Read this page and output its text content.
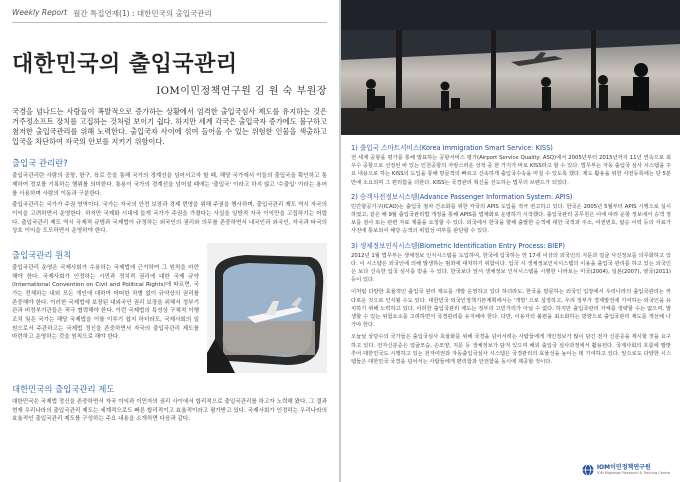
Weekly Report 월간 특집연재(1) : 대한민국의 출입국관리
대한민국의 출입국관리
IOM이민정책연구원 김 원 숙 부원장
국경을 넘나드는 사람들이 폭발적으로 증가하는 상황에서 엄격한 출입국심사 제도를 유지하는 것은 거주정소프트 장치를 고집하는 것처럼 보이기 쉽다. 하지만 세계 각국은 출입국자 증가에도 불구하고 첨저한 출입국관리를 위해 노력한다. 출입국자 사이에 섞여 들어올 수 있는 위험한 인물을 색출하고 입국을 차단하여 자국의 안보를 지키기 위함이다.
출입국 관리란?
출입국관리란 사람의 공항, 항구, 육로 등을 통해 국가의 경계선을 넘어서고자 할 때, 해당 국가에서 이들의 출입국을 확인하고 통제하여 정보를 기록하는 행위를 의미한다. 통용이 국가의 경계선을 넘어설 때에는 '출입국' 이라고 하지 않고 '수출입' 이라는 용어를 사용하며 사람의 이동과 구분한다.
출입국관리는 국가가 주권 영역이다. 국가는 자국의 안전 보장과 경제 번영을 위해 주권을 행사하며, 출입국관리 제도 역시 자국의 이익을 고려하면서 운영한다. 하지만 국제화 시대에 들게 국가가 주권을 가졌다는 사실을 일방적 자국 이익만을 고집하기는 어렵다. 출입국관리 제도 역시 국제적 규범과 국제법이 규정하는 외국인의 권리와 의무를 존중하면서 내국인과 외국인, 자국과 타국의 상호 이익을 도모하면서 운영하야 한다.
출입국관리 원칙
출입국관리 운영은 국제사회가 수용하는 국제법에 근거하여 그 원칙을 마련해야 한다. 국제사회가 인정하는 시민과 정치적 권리에 대한 국제 규약(International Convention on Civil and Political Rights)에 따르면, 국가는 전체하는 내외 모든 개인에 대하여 어떠한 차별 없이 규약상의 권리를 존중해야 한다. 이러한 국제법에 보장된 내외국인 권리 보장을 위해서 정부기관과 비정부기관들은 적극 협력해야 한다. 이런 국제법의 특성상 구체적 이행조치 및은 국가는 해당 국제법을 이를 이루기 쉽지 하더라도, 국제사회의 일원으로서 주관하고는 국제법 정신을 존중하면서 자국의 출입국관리 제도를 마련하고 운영하는 것을 원칙으로 해야 한다.
대한민국의 출입국관리 제도
대한민국은 국제법 정신을 존중하면서 자국 이익과 이민자의 권리 사이에서 합리적으로 출입국관리를 하고자 노력해 왔다. 그 결과 현재 우리나라의 출입국관리 제도는 세계적으로도 빠른 합리적이고 효율적이라고 평가받고 있다. 국제사회가 인정하는 우리나라의 효율적인 출입국관리 제도를 구성하는 주요 내용을 소개하면 다음과 같다.
1) 출입국 스마트서비스(Korea Immigration Smart Service: KISS)
전 세계 공항을 평가를 통해 발표하는 공항서비스 평가(Airport Service Quality: ASQ)에서 2005년부터 2015년까지 11년 연속으로 최우수 공항으로 선정된 바 있는 인천공항의 자랑스러운 성적 중 한 가지가 바로 KISS라고 할 수 있다. 법무부는 자동 출입국 심사 시스템을 주요 내용으로 하는 KISS의 도입을 통해 방문객의 빠르고 신속하게 출입국수속을 마칠 수 있도록 했다. 제도 활용을 위한 사전등록에는 단 5분만에 소요되며 그 편리함을 더한다. KISS는 국경관리 혁신을 선도하는 법무의 브랜드가 되었다.
2) 승객사전정보시스템(Advance Passenger Information System: APIS)
민간항공기구(ICAO)는 출입국 절차 간소화를 위한 각국의 APIS 도입을 적극 권고하고 있다. 한국은 2005년 5월부터 APIS 시행으로 실시하였고, 같은 해 9월 출입국관리법 개정을 통해 APIS를 법제화로 운영하기 시작했다. 출입국관리 공무원은 이에 따라 운항 정보에서 승객 정보를 검사 또는 관련 자료 제출을 요청할 수 있다. 외국에서 한국을 향해 출발한 승객에 대한 국적과 주소, 여권번호, 탑승 이력 등의 자료가 사전에 통보되어 해당 승객의 위험성 여부를 판단할 수 있다.
3) 생체정보인식시스템(Biometric Identification Entry Process: BIEP)
2012년 1월 법무부는 생체정보 인식시스템을 도입하여, 한국에 입국하는 만 17세 이상의 외국인의 지문과 얼굴 사진정보를 의무화하고 있다. 이 시스템은 외국인에 의해 발생하는 범죄에 대처하기 위함이다. 입국 시 생체정보인식시스템의 이용을 출입국 관리를 하고 있는 외국인은 보다 신속한 입국 심사를 받을 수 있다. 한국보다 앞서 생체정보 인식시스템을 시행한 나라로는 미국(2004), 일본(2007), 영국(2011) 등이 있다.
이처럼 다양한 효율적인 출입국 관리 제도를 개발 운영하고 있다 하더라도, 한국을 방문하는 외국인 입장에서 우리나라의 출입국관리는 까다로운 것으로 인식될 수도 있다. 대한민국 외국인정책기본계획에서는 '개방' 으로 설정하고, 우리 정부가 경제발전에 기여하는 외국인을 유치하기 위해 노력하고 있다. 이러한 출입국관리 제도는 정부의 고민거리가 아닐 수 없다. 하지만 출입국관리 자체를 생략할 수는 없으며, 발생할 수 있는 위험요소를 고려하면서 국경관리를 유지해야 한다. 다만, 이용자의 불편을 최소화하는 방향으로 출입국관리 제도를 개선해 나가야 한다.
오늘날 상당수의 국가들은 출입국심사 효율화를 위해 국경을 넘어서려는 사람들에게 개인정보가 많이 담긴 전자 신분증을 제시할 것을 요구하고 있다. 전자신분증은 얼굴모습, 손모양, 지문 등 생체정보가 담겨 있으며 해외 출입국 심사과정에서 활용된다. 국제사회의 흐름에 발맞추어 대한민국도 시행하고 있는 전자여권과 자동출입국심사 시스템은 국경관리의 효율성을 높이는 데 기여하고 있다. 앞으로도 다양한 시스템들은 대한민국 국경을 넘어서는 사람들에게 편리함과 안전함을 동시에 제공할 것이다.
IOM이민정책연구원
IOM Migration Research & Training Centre
